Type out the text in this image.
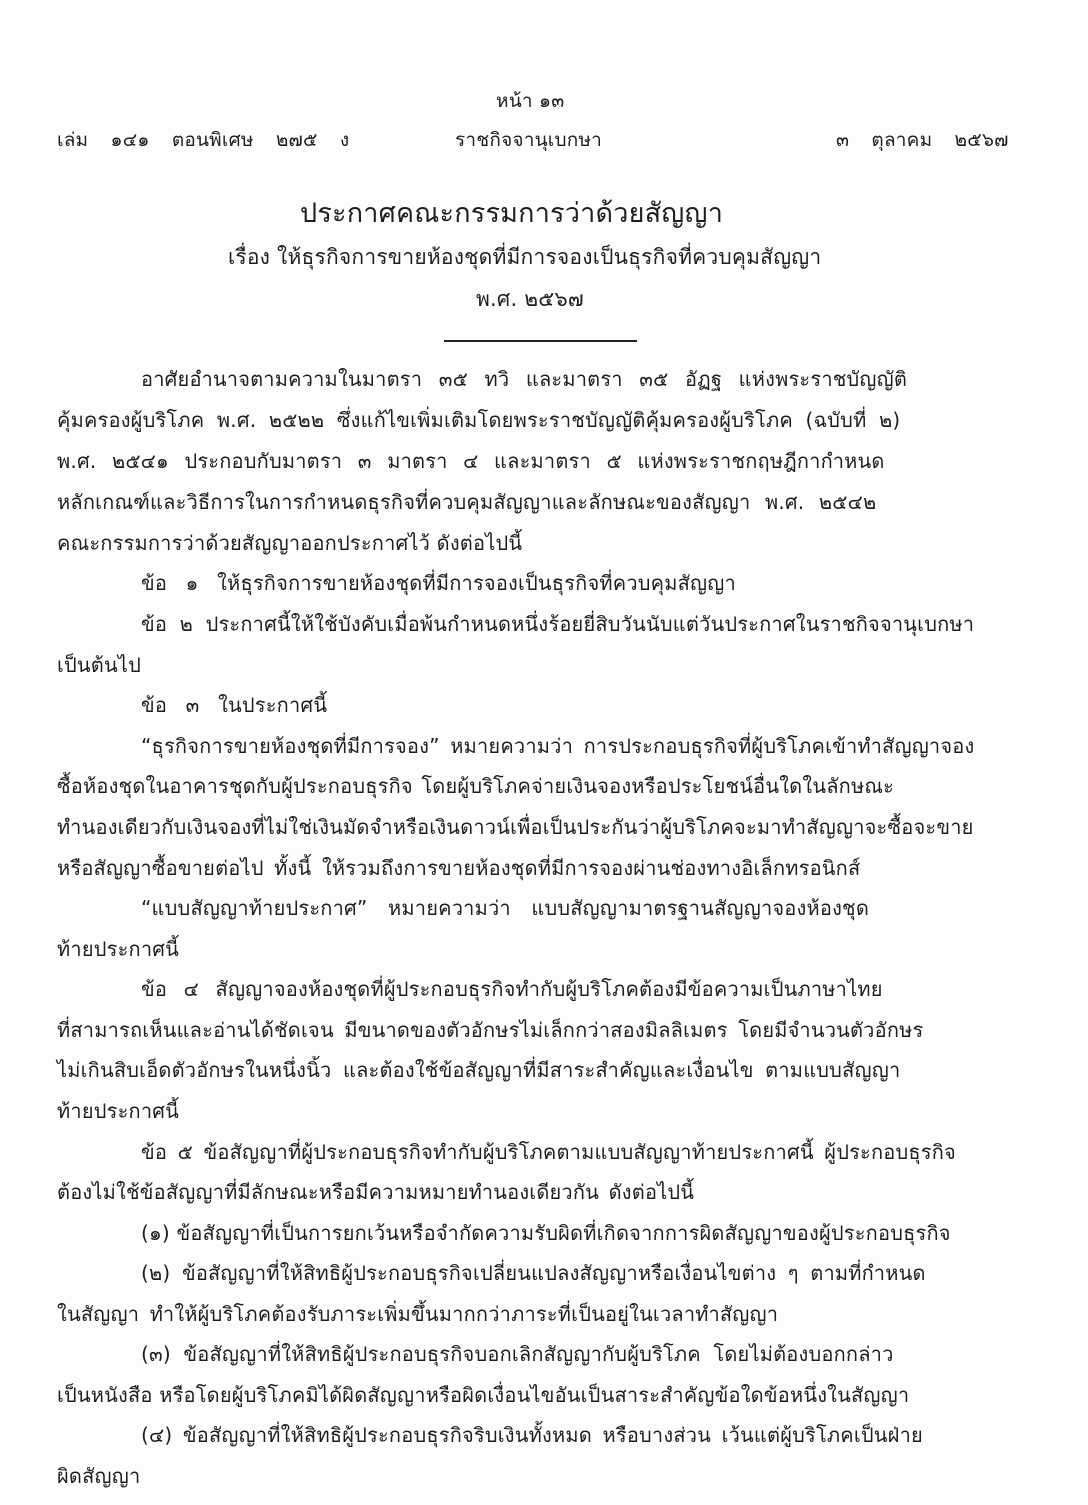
หน้า ๑๓
เล่ม ๑๔๑ ตอนพิเศษ ๒๗๕ ง	ราชกิจจานุเบกษา	๓ ตุลาคม ๒๕๖๗
ประกาศคณะกรรมการว่าด้วยสัญญา
เรื่อง ให้ธุรกิจการขายห้องชุดที่มีการจองเป็นธุรกิจที่ควบคุมสัญญา
พ.ศ. ๒๕๖๗
อาศัยอำนาจตามความในมาตรา ๓๕ ทวิ และมาตรา ๓๕ อัฏฐ แห่งพระราชบัญญัติ
คุ้มครองผู้บริโภค พ.ศ. ๒๕๒๒ ซึ่งแก้ไขเพิ่มเติมโดยพระราชบัญญัติคุ้มครองผู้บริโภค (ฉบับที่ ๒)
พ.ศ. ๒๕๔๑ ประกอบกับมาตรา ๓ มาตรา ๔ และมาตรา ๕ แห่งพระราชกฤษฎีกากำหนด
หลักเกณฑ์และวิธีการในการกำหนดธุรกิจที่ควบคุมสัญญาและลักษณะของสัญญา พ.ศ. ๒๕๔๒
คณะกรรมการว่าด้วยสัญญาออกประกาศไว้ ดังต่อไปนี้
ข้อ ๑ ให้ธุรกิจการขายห้องชุดที่มีการจองเป็นธุรกิจที่ควบคุมสัญญา
ข้อ ๒ ประกาศนี้ให้ใช้บังคับเมื่อพ้นกำหนดหนึ่งร้อยยี่สิบวันนับแต่วันประกาศในราชกิจจานุเบกษา
เป็นต้นไป
ข้อ ๓ ในประกาศนี้
“ธุรกิจการขายห้องชุดที่มีการจอง” หมายความว่า การประกอบธุรกิจที่ผู้บริโภคเข้าทำสัญญาจอง
ซื้อห้องชุดในอาคารชุดกับผู้ประกอบธุรกิจ โดยผู้บริโภคจ่ายเงินจองหรือประโยชน์อื่นใดในลักษณะ
ทำนองเดียวกับเงินจองที่ไม่ใช่เงินมัดจำหรือเงินดาวน์เพื่อเป็นประกันว่าผู้บริโภคจะมาทำสัญญาจะซื้อจะขาย
หรือสัญญาซื้อขายต่อไป ทั้งนี้ ให้รวมถึงการขายห้องชุดที่มีการจองผ่านช่องทางอิเล็กทรอนิกส์
“แบบสัญญาท้ายประกาศ” หมายความว่า แบบสัญญามาตรฐานสัญญาจองห้องชุด
ท้ายประกาศนี้
ข้อ ๔ สัญญาจองห้องชุดที่ผู้ประกอบธุรกิจทำกับผู้บริโภคต้องมีข้อความเป็นภาษาไทย
ที่สามารถเห็นและอ่านได้ชัดเจน มีขนาดของตัวอักษรไม่เล็กกว่าสองมิลลิเมตร โดยมีจำนวนตัวอักษร
ไม่เกินสิบเอ็ดตัวอักษรในหนึ่งนิ้ว และต้องใช้ข้อสัญญาที่มีสาระสำคัญและเงื่อนไข ตามแบบสัญญา
ท้ายประกาศนี้
ข้อ ๕ ข้อสัญญาที่ผู้ประกอบธุรกิจทำกับผู้บริโภคตามแบบสัญญาท้ายประกาศนี้ ผู้ประกอบธุรกิจ
ต้องไม่ใช้ข้อสัญญาที่มีลักษณะหรือมีความหมายทำนองเดียวกัน ดังต่อไปนี้
(๑) ข้อสัญญาที่เป็นการยกเว้นหรือจำกัดความรับผิดที่เกิดจากการผิดสัญญาของผู้ประกอบธุรกิจ
(๒) ข้อสัญญาที่ให้สิทธิผู้ประกอบธุรกิจเปลี่ยนแปลงสัญญาหรือเงื่อนไขต่าง ๆ ตามที่กำหนด
ในสัญญา ทำให้ผู้บริโภคต้องรับภาระเพิ่มขึ้นมากกว่าภาระที่เป็นอยู่ในเวลาทำสัญญา
(๓) ข้อสัญญาที่ให้สิทธิผู้ประกอบธุรกิจบอกเลิกสัญญากับผู้บริโภค โดยไม่ต้องบอกกล่าว
เป็นหนังสือ หรือโดยผู้บริโภคมิได้ผิดสัญญาหรือผิดเงื่อนไขอันเป็นสาระสำคัญข้อใดข้อหนึ่งในสัญญา
(๔) ข้อสัญญาที่ให้สิทธิผู้ประกอบธุรกิจริบเงินทั้งหมด หรือบางส่วน เว้นแต่ผู้บริโภคเป็นฝ่าย
ผิดสัญญา
